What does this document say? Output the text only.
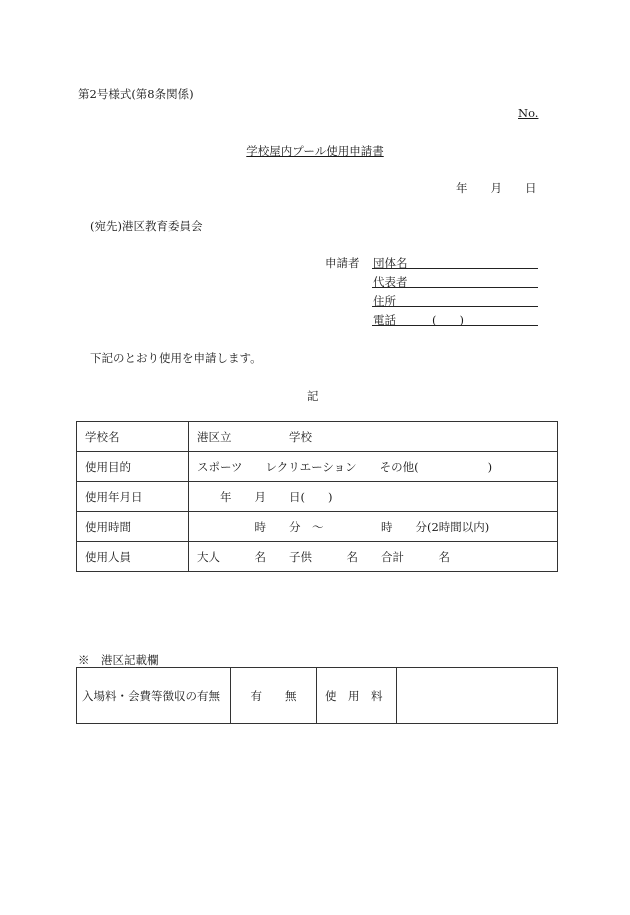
第2号様式(第8条関係)
No.
学校屋内プール使用申請書
年　　月　　日
(宛先)港区教育委員会
申請者 団体名
代表者
住所
電話	(　　)
下記のとおり使用を申請します。
記
学校名	港区立　　　　　学校
使用目的	スポーツ　　レクリエーション　　その他(　　　　　　)
使用年月日	　　年　　月　　日(　　)
使用時間	　　　　　時　　分　～　　　　　時　　分(2時間以内)
使用人員	大人　　　名　　子供　　　名　　合計　　　名
※　港区記載欄
入場料・会費等徴収の有無	有　　無	使　用　料	
